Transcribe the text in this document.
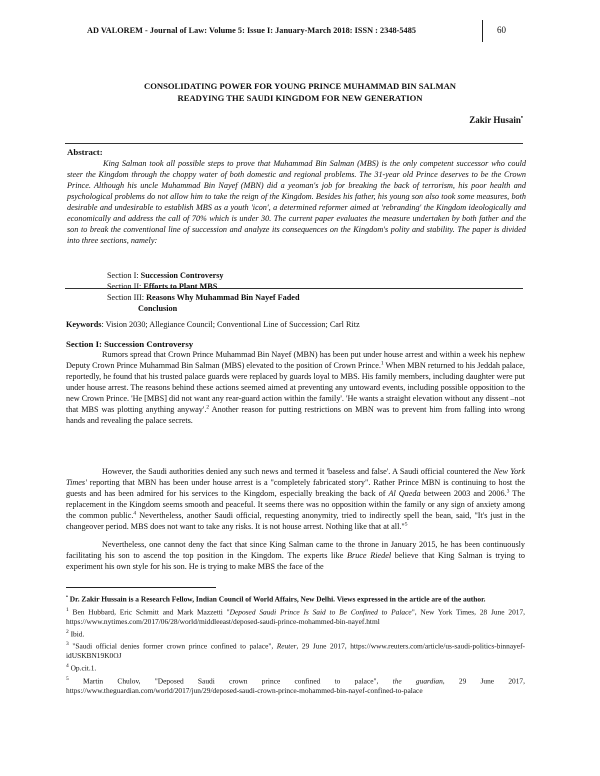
AD VALOREM - Journal of Law: Volume 5: Issue I: January-March 2018: ISSN : 2348-5485	60
CONSOLIDATING POWER FOR YOUNG PRINCE MUHAMMAD BIN SALMAN
READYING THE SAUDI KINGDOM FOR NEW GENERATION
Zakir Husain•
Abstract:

King Salman took all possible steps to prove that Muhammad Bin Salman (MBS) is the only competent successor who could steer the Kingdom through the choppy water of both domestic and regional problems. The 31-year old Prince deserves to be the Crown Prince. Although his uncle Muhammad Bin Nayef (MBN) did a yeoman's job for breaking the back of terrorism, his poor health and psychological problems do not allow him to take the reign of the Kingdom. Besides his father, his young son also took some measures, both desirable and undesirable to establish MBS as a youth 'icon', a determined reformer aimed at 'rebranding' the Kingdom ideologically and economically and address the call of 70% which is under 30. The current paper evaluates the measure undertaken by both father and the son to break the conventional line of succession and analyze its consequences on the Kingdom's polity and stability. The paper is divided into three sections, namely:

Section I: Succession Controversy
Section II: Efforts to Plant MBS
Section III: Reasons Why Muhammad Bin Nayef Faded
Conclusion
Keywords: Vision 2030; Allegiance Council; Conventional Line of Succession; Carl Ritz
Section I: Succession Controversy

Rumors spread that Crown Prince Muhammad Bin Nayef (MBN) has been put under house arrest and within a week his nephew Deputy Crown Prince Muhammad Bin Salman (MBS) elevated to the position of Crown Prince.$^1$ When MBN returned to his Jeddah palace, reportedly, he found that his trusted palace guards were replaced by guards loyal to MBS. His family members, including daughter were put under house arrest. The reasons behind these actions seemed aimed at preventing any untoward events, including possible opposition to the new Crown Prince. 'He [MBS] did not want any rear-guard action within the family'. 'He wants a straight elevation without any dissent –not that MBS was plotting anything anyway'.$^2$ Another reason for putting restrictions on MBN was to prevent him from falling into wrong hands and revealing the palace secrets.

However, the Saudi authorities denied any such news and termed it 'baseless and false'. A Saudi official countered the New York Times' reporting that MBN has been under house arrest is a "completely fabricated story". Rather Prince MBN is continuing to host the guests and has been admired for his services to the Kingdom, especially breaking the back of Al Qaeda between 2003 and 2006.$^3$ The replacement in the Kingdom seems smooth and peaceful. It seems there was no opposition within the family or any sign of anxiety among the common public.$^4$ Nevertheless, another Saudi official, requesting anonymity, tried to indirectly spell the bean, said, "It's just in the changeover period. MBS does not want to take any risks. It is not house arrest. Nothing like that at all."$^5$

Nevertheless, one cannot deny the fact that since King Salman came to the throne in January 2015, he has been continuously facilitating his son to ascend the top position in the Kingdom. The experts like Bruce Riedel believe that King Salman is trying to experiment his own style for his son. He is trying to make MBS the face of the

• Dr. Zakir Hussain is a Research Fellow, Indian Council of World Affairs, New Delhi. Views expressed in the article are of the author.
$^1$ Ben Hubbard, Eric Schmitt and Mark Mazzetti "Deposed Saudi Prince Is Said to Be Confined to Palace", New York Times, 28 June 2017, https://www.nytimes.com/2017/06/28/world/middleeast/deposed-saudi-prince-mohammed-bin-nayef.html
$^2$ Ibid.
$^3$ "Saudi official denies former crown prince confined to palace", Reuter, 29 June 2017, https://www.reuters.com/article/us-saudi-politics-binnayef-idUSKBN19K0OJ
$^4$ Op.cit.1.
$^5$ Martin Chulov, "Deposed Saudi crown prince confined to palace", the guardian, 29 June 2017, https://www.theguardian.com/world/2017/jun/29/deposed-saudi-crown-prince-mohammed-bin-nayef-confined-to-palace
